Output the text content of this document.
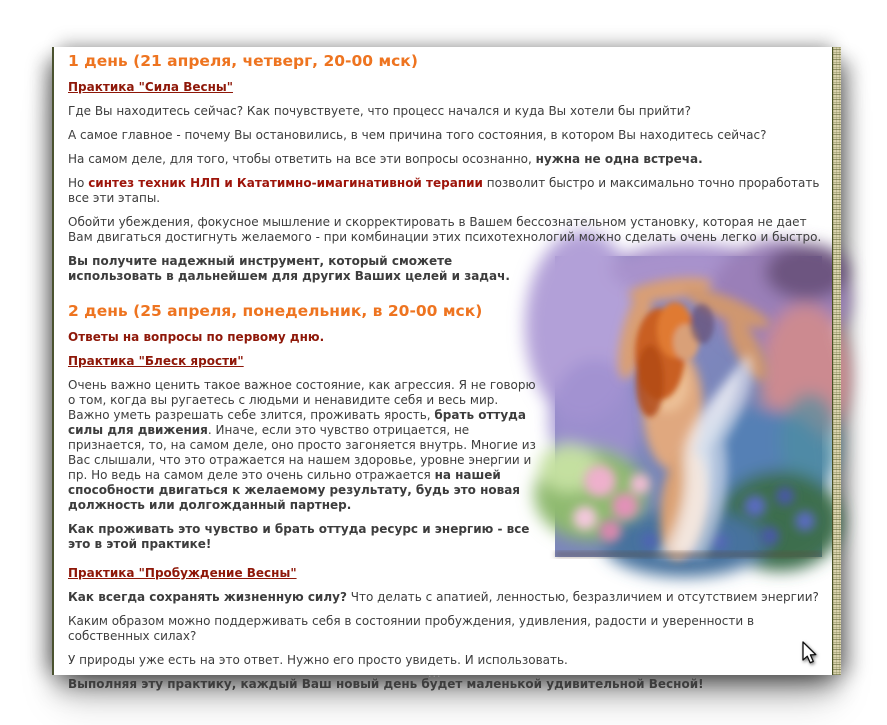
1 день (21 апреля, четверг, 20-00 мск)

Практика "Сила Весны"

Где Вы находитесь сейчас? Как почувствуете, что процесс начался и куда Вы хотели бы прийти?

А самое главное - почему Вы остановились, в чем причина того состояния, в котором Вы находитесь сейчас?

На самом деле, для того, чтобы ответить на все эти вопросы осознанно, нужна не одна встреча.

Но синтез техник НЛП и Кататимно-имагинативной терапии позволит быстро и максимально точно проработать все эти этапы.

Обойти убеждения, фокусное мышление и скорректировать в Вашем бессознательном установку, которая не дает Вам двигаться достигнуть желаемого - при комбинации этих психотехнологий можно сделать очень легко и быстро.

Вы получите надежный инструмент, который сможете использовать в дальнейшем для других Ваших целей и задач.

2 день (25 апреля, понедельник, в 20-00 мск)

Ответы на вопросы по первому дню.

Практика "Блеск ярости"

Очень важно ценить такое важное состояние, как агрессия. Я не говорю о том, когда вы ругаетесь с людьми и ненавидите себя и весь мир. Важно уметь разрешать себе злится, проживать ярость, брать оттуда силы для движения. Иначе, если это чувство отрицается, не признается, то, на самом деле, оно просто загоняется внутрь. Многие из Вас слышали, что это отражается на нашем здоровье, уровне энергии и пр. Но ведь на самом деле это очень сильно отражается на нашей способности двигаться к желаемому результату, будь это новая должность или долгожданный партнер.

Как проживать это чувство и брать оттуда ресурс и энергию - все это в этой практике!

Практика "Пробуждение Весны"

Как всегда сохранять жизненную силу? Что делать с апатией, ленностью, безразличием и отсутствием энергии?

Каким образом можно поддерживать себя в состоянии пробуждения, удивления, радости и уверенности в собственных силах?

У природы уже есть на это ответ. Нужно его просто увидеть. И использовать.

Выполняя эту практику, каждый Ваш новый день будет маленькой удивительной Весной!

...
